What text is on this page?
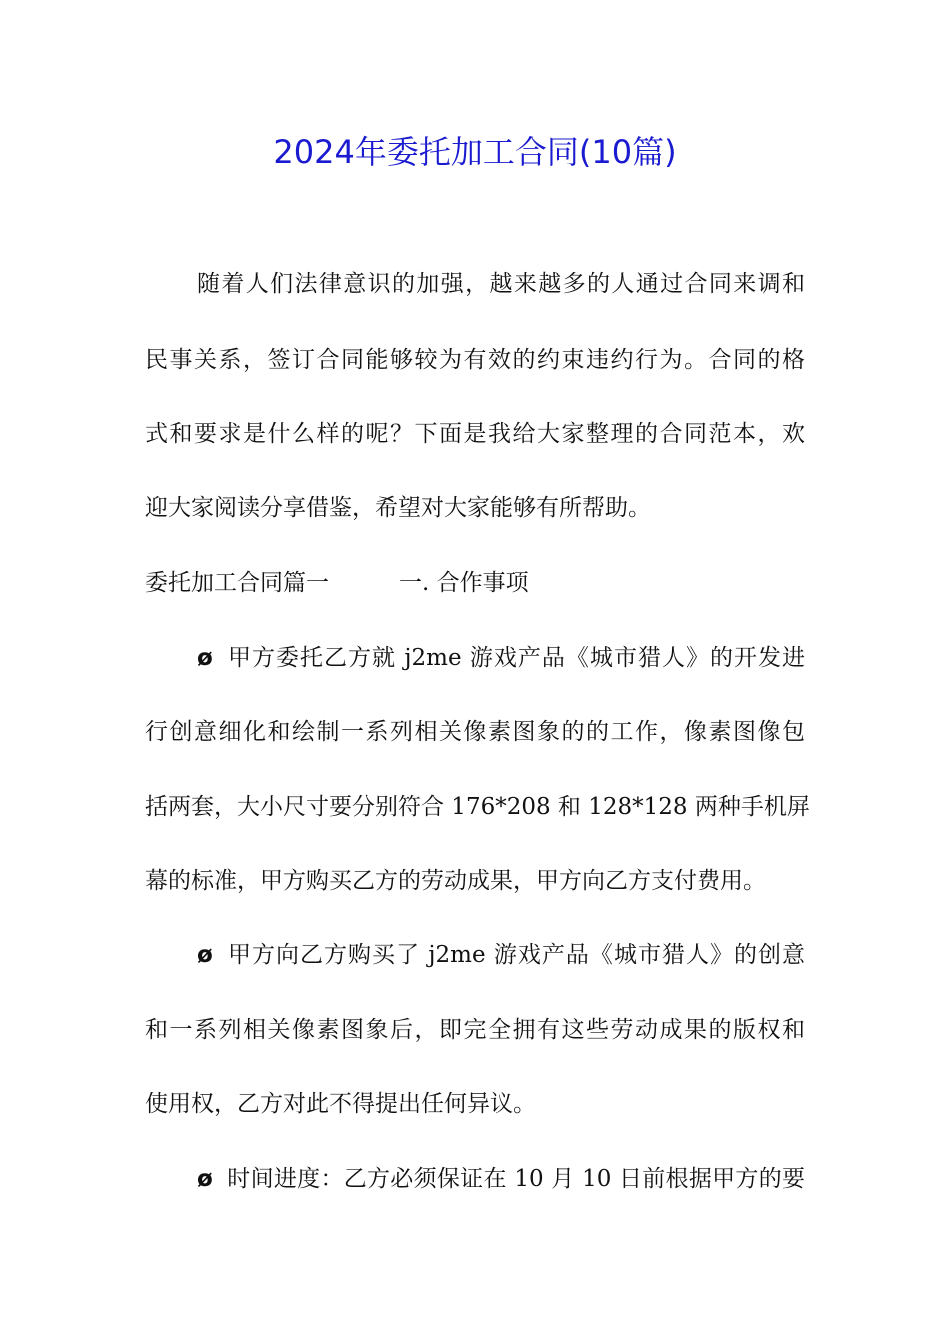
2024年委托加工合同(10篇)
随着人们法律意识的加强，越来越多的人通过合同来调和
民事关系，签订合同能够较为有效的约束违约行为。合同的格
式和要求是什么样的呢？下面是我给大家整理的合同范本，欢
迎大家阅读分享借鉴，希望对大家能够有所帮助。
委托加工合同篇一	一. 合作事项
ø 甲方委托乙方就 j2me 游戏产品《城市猎人》的开发进
行创意细化和绘制一系列相关像素图象的的工作，像素图像包
括两套，大小尺寸要分别符合 176*208 和 128*128 两种手机屏
幕的标准，甲方购买乙方的劳动成果，甲方向乙方支付费用。
ø 甲方向乙方购买了 j2me 游戏产品《城市猎人》的创意
和一系列相关像素图象后，即完全拥有这些劳动成果的版权和
使用权，乙方对此不得提出任何异议。
ø 时间进度：乙方必须保证在 10 月 10 日前根据甲方的要
